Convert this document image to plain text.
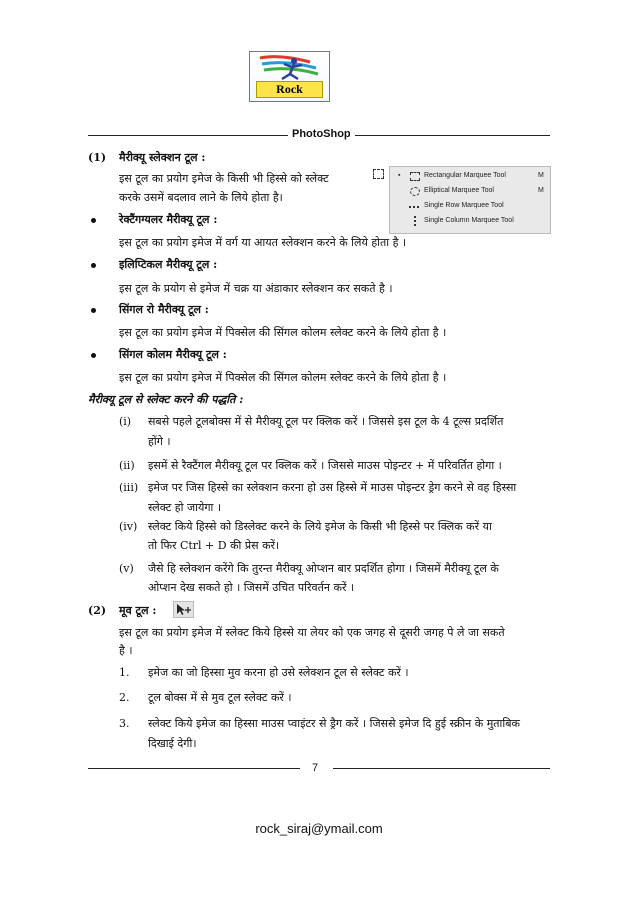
Rock
PhotoShop
(1) मैरीक्यू स्लेक्शन टूल :
इस टूल का प्रयोग इमेज के किसी भी हिस्से को स्लेक्ट
करके उसमें बदलाव लाने के लिये होता है।
▪	Rectangular Marquee Tool	M
Elliptical Marquee Tool	M
Single Row Marquee Tool
Single Column Marquee Tool
रेक्टैंगग्यलर मैरीक्यू टूल :
इस टूल का प्रयोग इमेज में वर्ग या आयत स्लेक्शन करने के लिये होता है ।
इलिप्टिकल मैरीक्यू टूल :
इस टूल के प्रयोग से इमेज में चक्र या अंडाकार स्लेक्शन कर सकते है ।
सिंगल रो मैरीक्यू टूल :
इस टूल का प्रयोग इमेज में पिक्सेल की सिंगल कोलम स्लेक्ट करने के लिये होता है ।
सिंगल कोलम मैरीक्यू टूल :
इस टूल का प्रयोग इमेज में पिक्सेल की सिंगल कोलम स्लेक्ट करने के लिये होता है ।
मैरीक्यू टूल से स्लेक्ट करने की पद्धति :
(i) सबसे पहले टूलबोक्स में से मैरीक्यू टूल पर क्लिक करें । जिससे इस टूल के 4 टूल्स प्रदर्शित
होंगे ।
(ii) इसमें से रैक्टैंगल मैरीक्यू टूल पर क्लिक करें । जिससे माउस पोइन्टर + में परिवर्तित होगा ।
(iii) इमेज पर जिस हिस्से का स्लेक्शन करना हो उस हिस्से में माउस पोइन्टर ड्रेग करने से वह हिस्सा
स्लेक्ट हो जायेगा ।
(iv) स्लेक्ट किये हिस्से को डिस्लेक्ट करने के लिये इमेज के किसी भी हिस्से पर क्लिक करें या
तो फिर Ctrl + D की प्रेस करें।
(v) जैसे हि स्लेक्शन करेंगे कि तुरन्त मैरीक्यू ओप्शन बार प्रदर्शित होगा । जिसमें मैरीक्यू टूल के
ओप्शन देख सकते हो । जिसमें उचित परिवर्तन करें ।
(2) मूव टूल :
इस टूल का प्रयोग इमेज में स्लेक्ट किये हिस्से या लेयर को एक जगह से दूसरी जगह पे ले जा सकते
है ।
1. इमेज का जो हिस्सा मुव करना हो उसे स्लेक्शन टूल से स्लेक्ट करें ।
2. टूल बोक्स में से मुव टूल स्लेक्ट करें ।
3. स्लेक्ट किये इमेज का हिस्सा माउस प्वाइंटर से ड्रैग करें । जिससे इमेज दि हुई स्क्रीन के मुताबिक
दिखाई देगी।
7
rock_siraj@ymail.com
